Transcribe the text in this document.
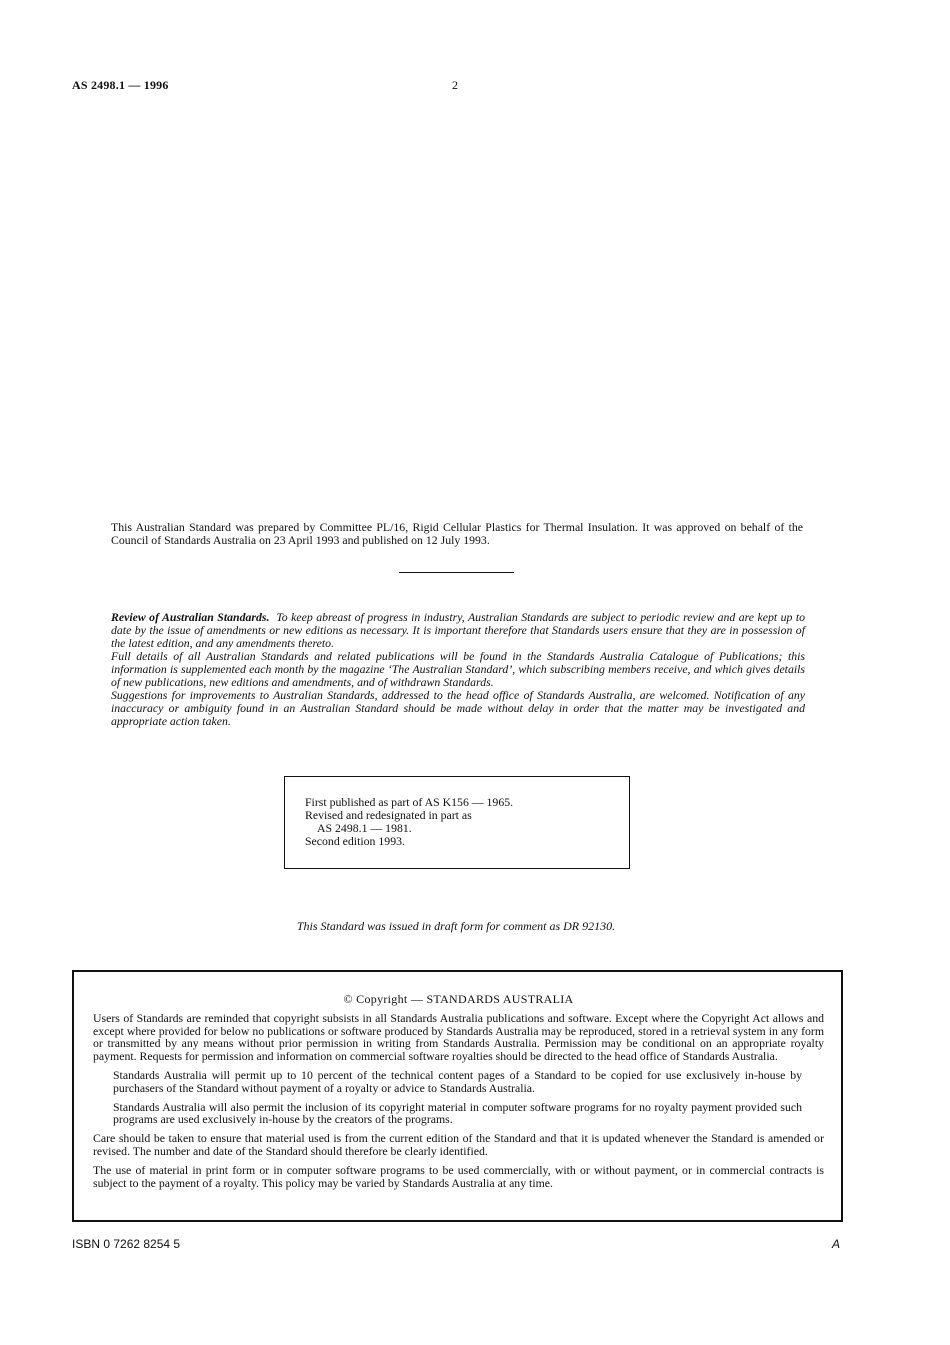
AS 2498.1 — 1996	2
This Australian Standard was prepared by Committee PL/16, Rigid Cellular Plastics for Thermal Insulation. It was approved on behalf of the Council of Standards Australia on 23 April 1993 and published on 12 July 1993.

Review of Australian Standards. To keep abreast of progress in industry, Australian Standards are subject to periodic review and are kept up to date by the issue of amendments or new editions as necessary. It is important therefore that Standards users ensure that they are in possession of the latest edition, and any amendments thereto.

Full details of all Australian Standards and related publications will be found in the Standards Australia Catalogue of Publications; this information is supplemented each month by the magazine ‘The Australian Standard’, which subscribing members receive, and which gives details of new publications, new editions and amendments, and of withdrawn Standards.

Suggestions for improvements to Australian Standards, addressed to the head office of Standards Australia, are welcomed. Notification of any inaccuracy or ambiguity found in an Australian Standard should be made without delay in order that the matter may be investigated and appropriate action taken.

First published as part of AS K156 — 1965.
Revised and redesignated in part as
AS 2498.1 — 1981.
Second edition 1993.
This Standard was issued in draft form for comment as DR 92130.
© Copyright — STANDARDS AUSTRALIA

Users of Standards are reminded that copyright subsists in all Standards Australia publications and software. Except where the Copyright Act allows and except where provided for below no publications or software produced by Standards Australia may be reproduced, stored in a retrieval system in any form or transmitted by any means without prior permission in writing from Standards Australia. Permission may be conditional on an appropriate royalty payment. Requests for permission and information on commercial software royalties should be directed to the head office of Standards Australia.

Standards Australia will permit up to 10 percent of the technical content pages of a Standard to be copied for use exclusively in-house by purchasers of the Standard without payment of a royalty or advice to Standards Australia.

Standards Australia will also permit the inclusion of its copyright material in computer software programs for no royalty payment provided such programs are used exclusively in-house by the creators of the programs.

Care should be taken to ensure that material used is from the current edition of the Standard and that it is updated whenever the Standard is amended or revised. The number and date of the Standard should therefore be clearly identified.

The use of material in print form or in computer software programs to be used commercially, with or without payment, or in commercial contracts is subject to the payment of a royalty. This policy may be varied by Standards Australia at any time.

ISBN 0 7262 8254 5	A
